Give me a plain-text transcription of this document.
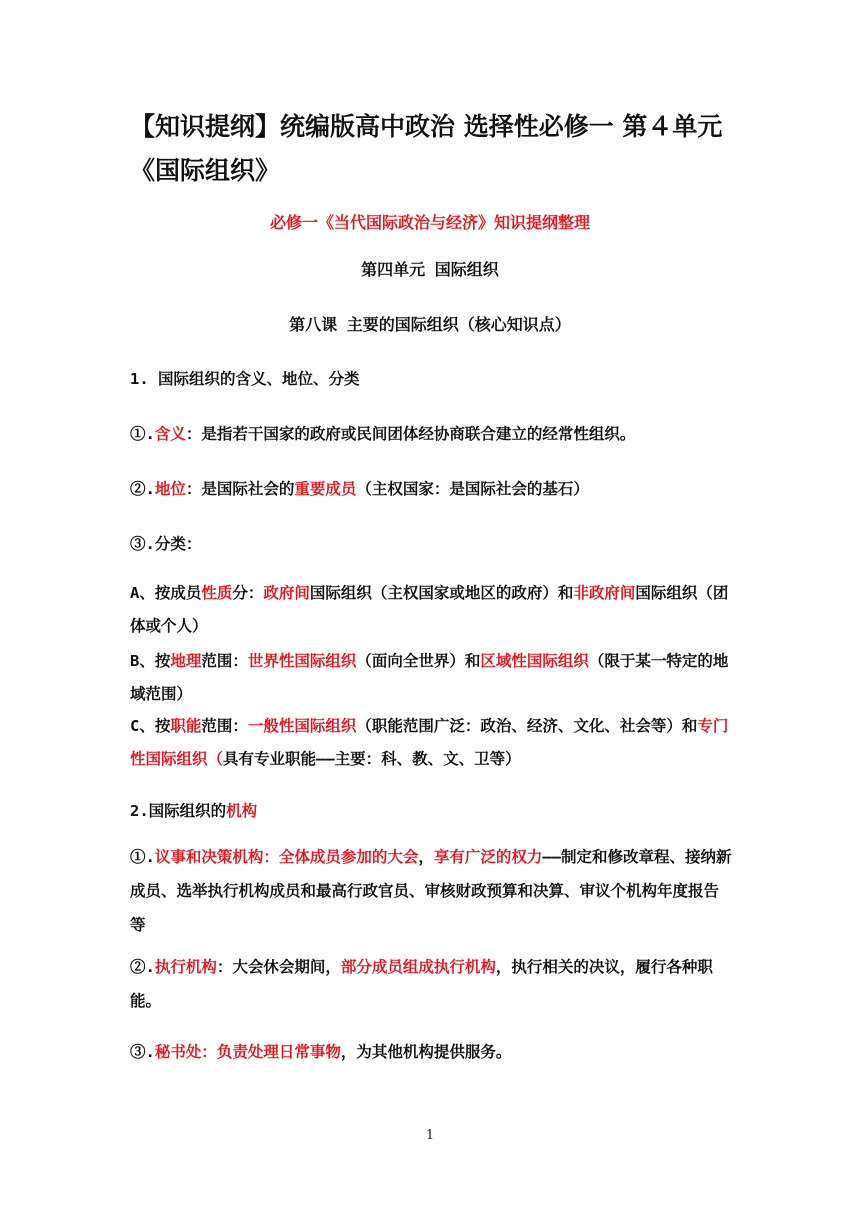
【知识提纲】统编版高中政治 选择性必修一 第４单元《国际组织》
必修一《当代国际政治与经济》知识提纲整理
第四单元 国际组织
第八课 主要的国际组织（核心知识点）

1. 国际组织的含义、地位、分类

①.含义：是指若干国家的政府或民间团体经协商联合建立的经常性组织。

②.地位：是国际社会的重要成员（主权国家：是国际社会的基石）

③.分类：

A、按成员性质分：政府间国际组织（主权国家或地区的政府）和非政府间国际组织（团体或个人）

B、按地理范围：世界性国际组织（面向全世界）和区域性国际组织（限于某一特定的地域范围）

C、按职能范围：一般性国际组织（职能范围广泛：政治、经济、文化、社会等）和专门性国际组织（具有专业职能——主要：科、教、文、卫等）

2.国际组织的机构

①.议事和决策机构：全体成员参加的大会，享有广泛的权力——制定和修改章程、接纳新成员、选举执行机构成员和最高行政官员、审核财政预算和决算、审议个机构年度报告等

②.执行机构：大会休会期间，部分成员组成执行机构，执行相关的决议，履行各种职能。

③.秘书处：负责处理日常事物，为其他机构提供服务。

1
